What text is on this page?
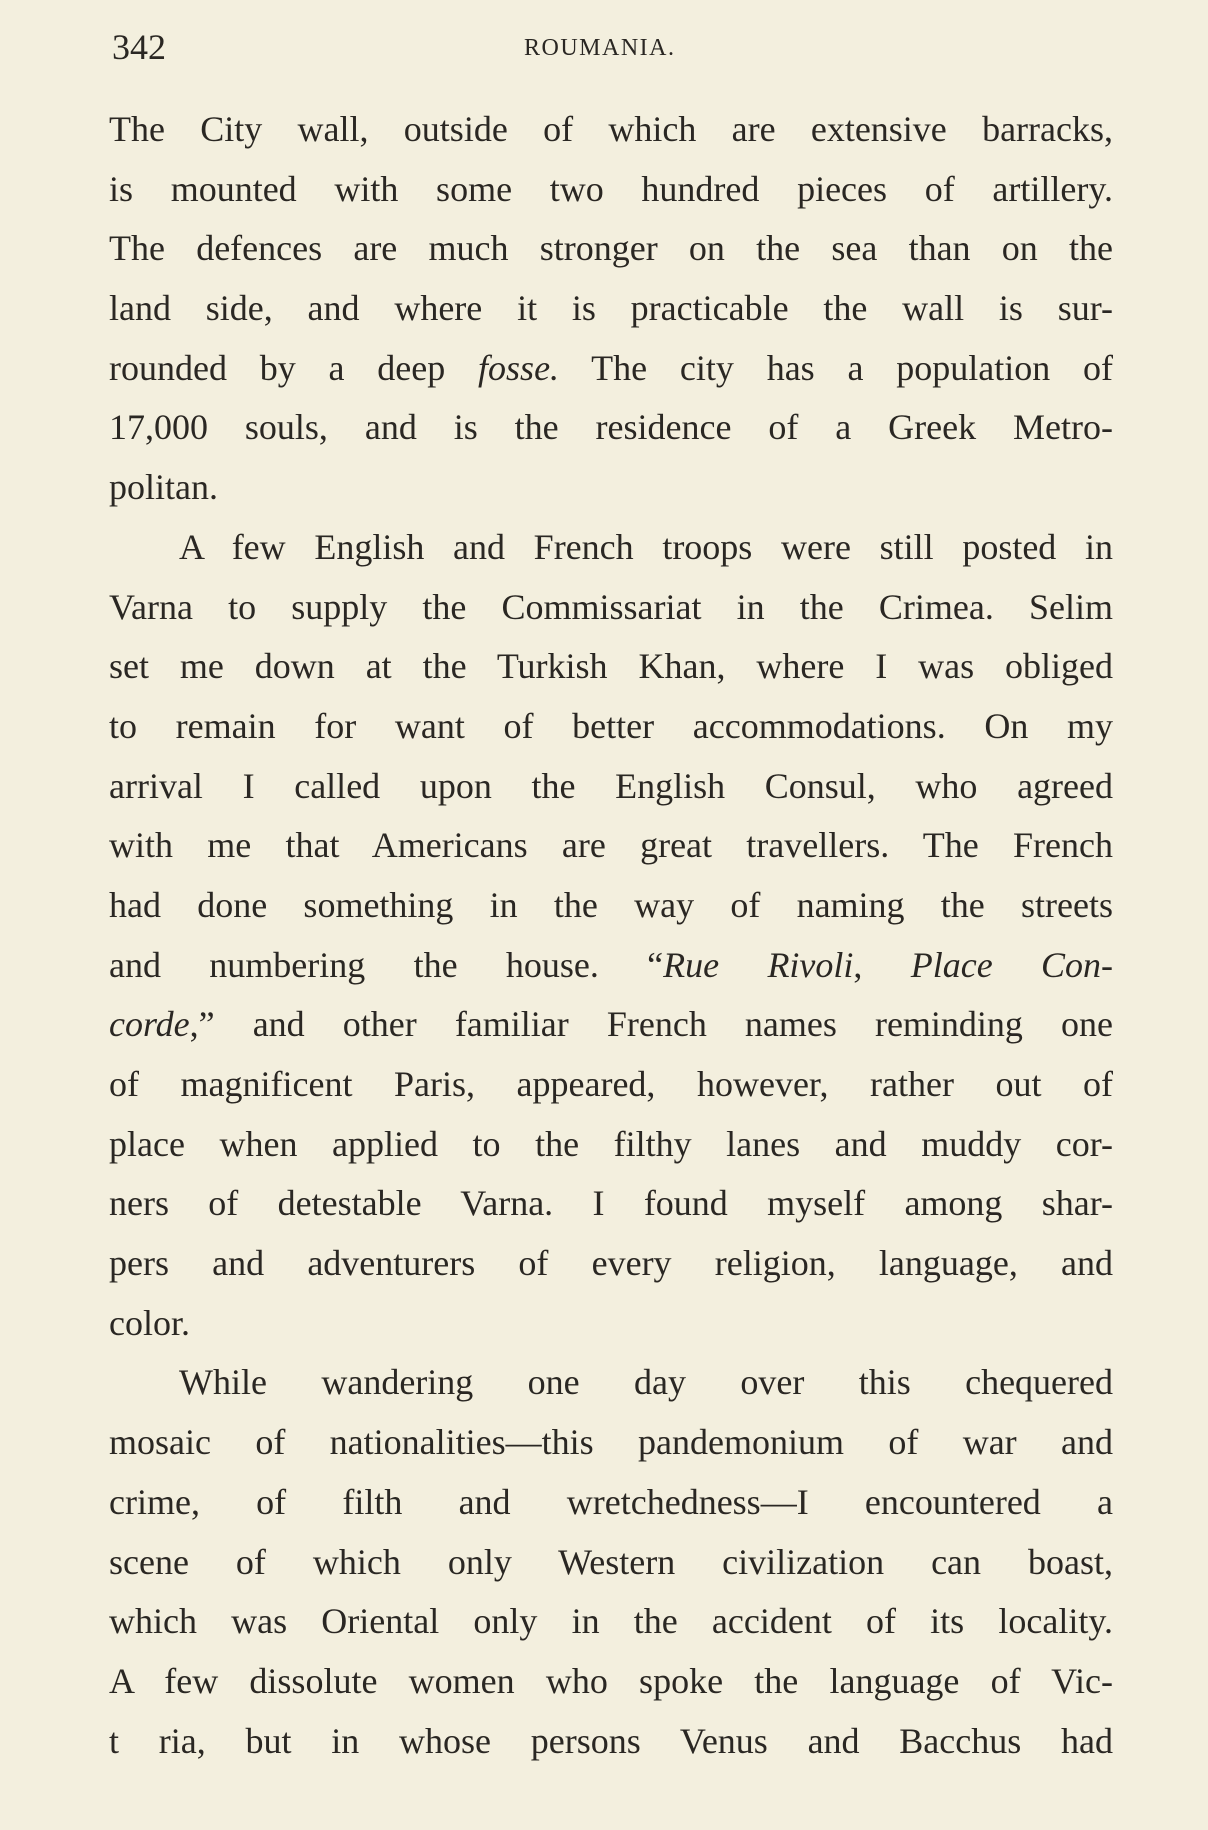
342	ROUMANIA.
The City wall, outside of which are extensive barracks,
is mounted with some two hundred pieces of artillery.
The defences are much stronger on the sea than on the
land side, and where it is practicable the wall is sur-
rounded by a deep fosse. The city has a population of
17,000 souls, and is the residence of a Greek Metro-
politan.
A few English and French troops were still posted in
Varna to supply the Commissariat in the Crimea. Selim
set me down at the Turkish Khan, where I was obliged
to remain for want of better accommodations. On my
arrival I called upon the English Consul, who agreed
with me that Americans are great travellers. The French
had done something in the way of naming the streets
and numbering the house. “Rue Rivoli, Place Con-
corde,” and other familiar French names reminding one
of magnificent Paris, appeared, however, rather out of
place when applied to the filthy lanes and muddy cor-
ners of detestable Varna. I found myself among shar-
pers and adventurers of every religion, language, and
color.
While wandering one day over this chequered
mosaic of nationalities—this pandemonium of war and
crime, of filth and wretchedness—I encountered a
scene of which only Western civilization can boast,
which was Oriental only in the accident of its locality.
A few dissolute women who spoke the language of Vic-
t ria, but in whose persons Venus and Bacchus had
